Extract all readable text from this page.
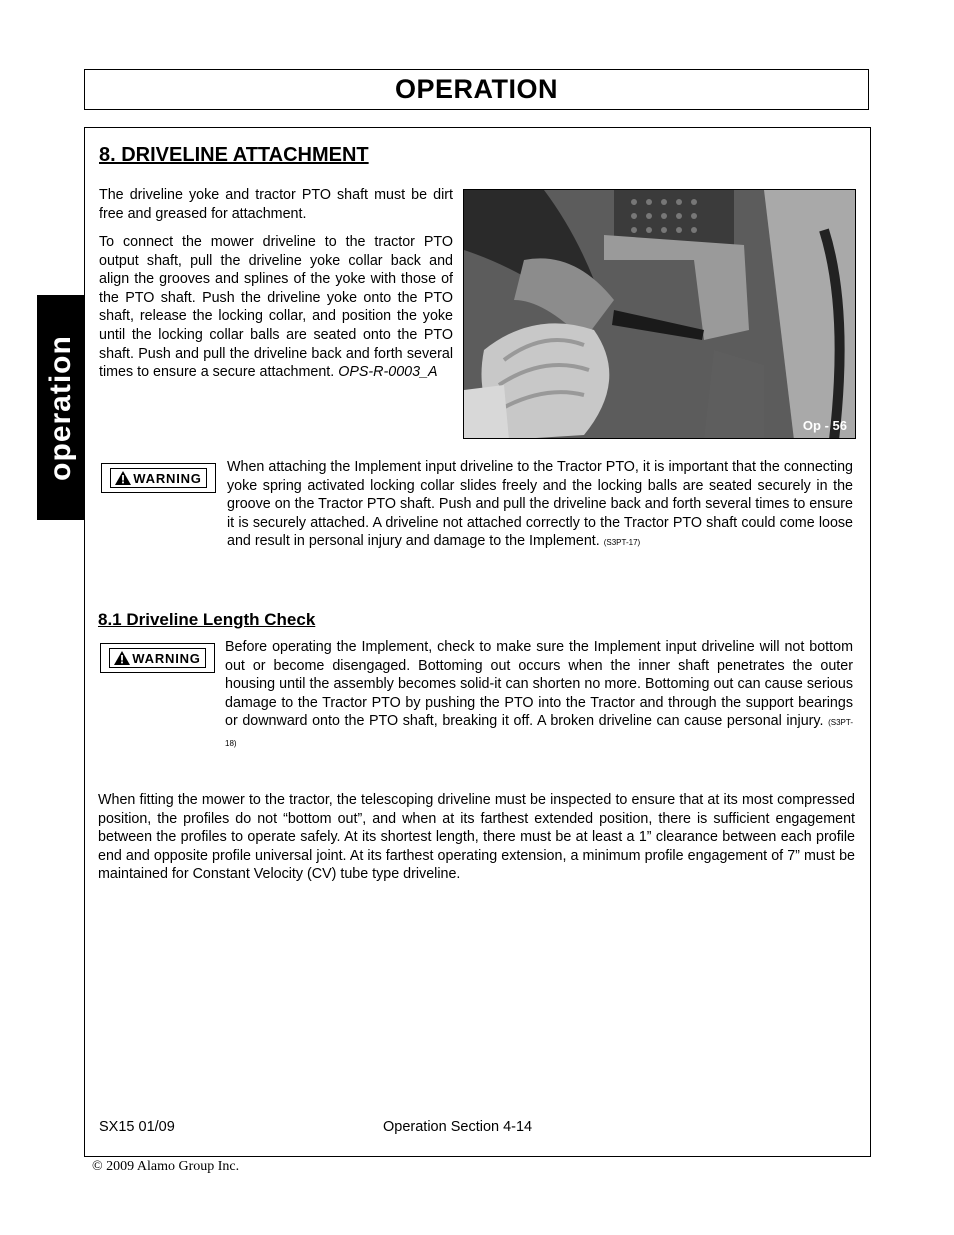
OPERATION
operation
8. DRIVELINE ATTACHMENT

The driveline yoke and tractor PTO shaft must be dirt free and greased for attachment.

To connect the mower driveline to the tractor PTO output shaft, pull the driveline yoke collar back and align the grooves and splines of the yoke with those of the PTO shaft. Push the driveline yoke onto the PTO shaft, release the locking collar, and position the yoke until the locking collar balls are seated onto the PTO shaft. Push and pull the driveline back and forth several times to ensure a secure attachment. OPS-R-0003_A

Op - 56
WARNING

When attaching the Implement input driveline to the Tractor PTO, it is important that the connecting yoke spring activated locking collar slides freely and the locking balls are seated securely in the groove on the Tractor PTO shaft. Push and pull the driveline back and forth several times to ensure it is securely attached. A driveline not attached correctly to the Tractor PTO shaft could come loose and result in personal injury and damage to the Implement. (S3PT-17)

8.1 Driveline Length Check
WARNING

Before operating the Implement, check to make sure the Implement input driveline will not bottom out or become disengaged. Bottoming out occurs when the inner shaft penetrates the outer housing until the assembly becomes solid-it can shorten no more. Bottoming out can cause serious damage to the Tractor PTO by pushing the PTO into the Tractor and through the support bearings or downward onto the PTO shaft, breaking it off. A broken driveline can cause personal injury. (S3PT-18)

When fitting the mower to the tractor, the telescoping driveline must be inspected to ensure that at its most compressed position, the profiles do not “bottom out”, and when at its farthest extended position, there is sufficient engagement between the profiles to operate safely. At its shortest length, there must be at least a 1” clearance between each profile end and opposite profile universal joint. At its farthest operating extension, a minimum profile engagement of 7” must be maintained for Constant Velocity (CV) tube type driveline.

SX15 01/09	Operation Section 4-14
© 2009 Alamo Group Inc.
